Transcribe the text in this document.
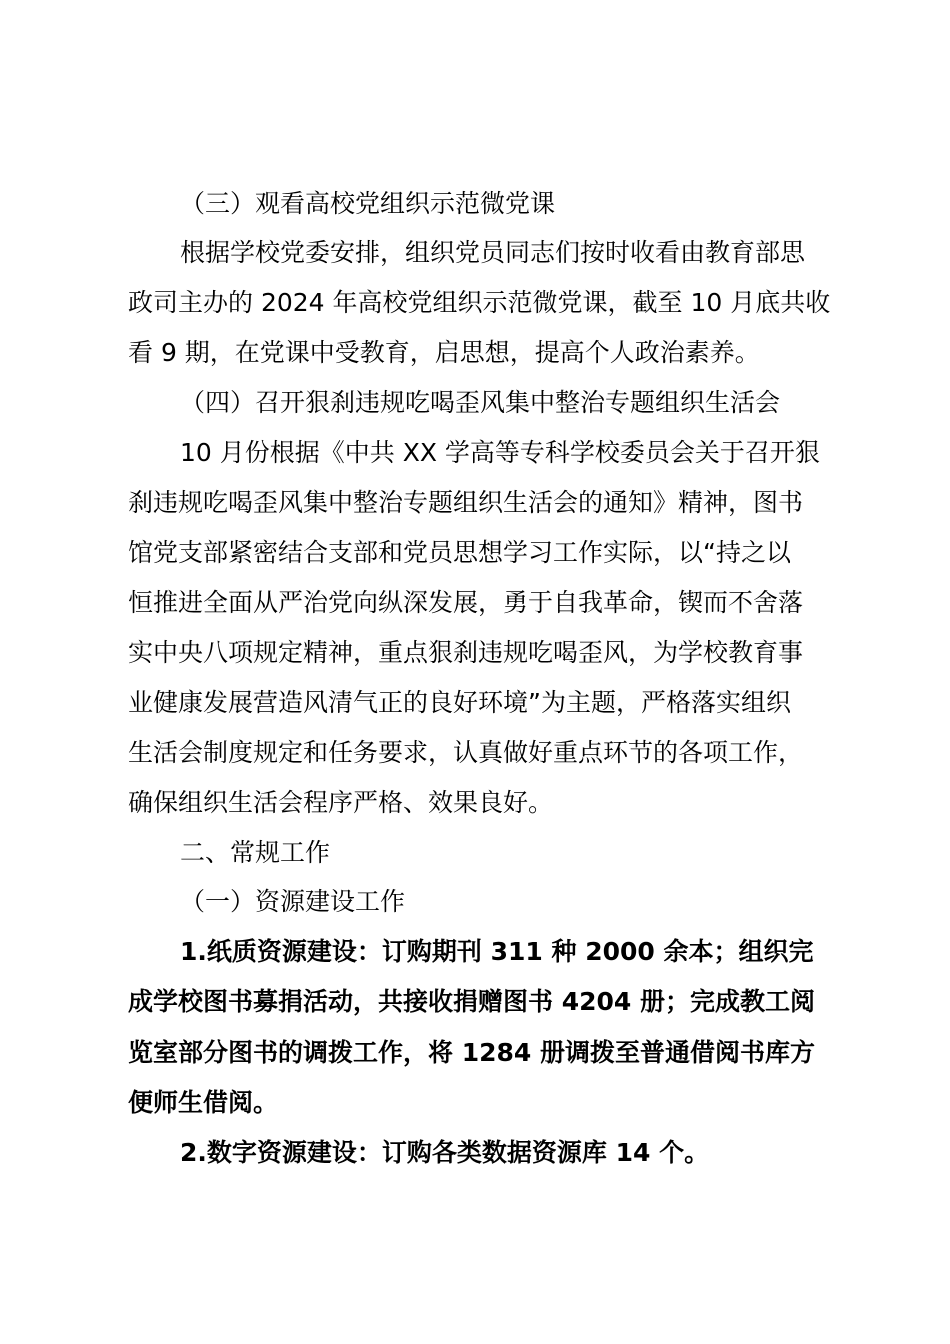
（三）观看高校党组织示范微党课
根据学校党委安排，组织党员同志们按时收看由教育部思
政司主办的 2024 年高校党组织示范微党课，截至 10 月底共收
看 9 期，在党课中受教育，启思想，提高个人政治素养。
（四）召开狠刹违规吃喝歪风集中整治专题组织生活会
10 月份根据《中共 XX 学高等专科学校委员会关于召开狠
刹违规吃喝歪风集中整治专题组织生活会的通知》精神，图书
馆党支部紧密结合支部和党员思想学习工作实际，以“持之以
恒推进全面从严治党向纵深发展，勇于自我革命，锲而不舍落
实中央八项规定精神，重点狠刹违规吃喝歪风，为学校教育事
业健康发展营造风清气正的良好环境”为主题，严格落实组织
生活会制度规定和任务要求，认真做好重点环节的各项工作，
确保组织生活会程序严格、效果良好。
二、常规工作
（一）资源建设工作
1.纸质资源建设：订购期刊 311 种 2000 余本；组织完
成学校图书募捐活动，共接收捐赠图书 4204 册；完成教工阅
览室部分图书的调拨工作，将 1284 册调拨至普通借阅书库方
便师生借阅。
2.数字资源建设：订购各类数据资源库 14 个。
